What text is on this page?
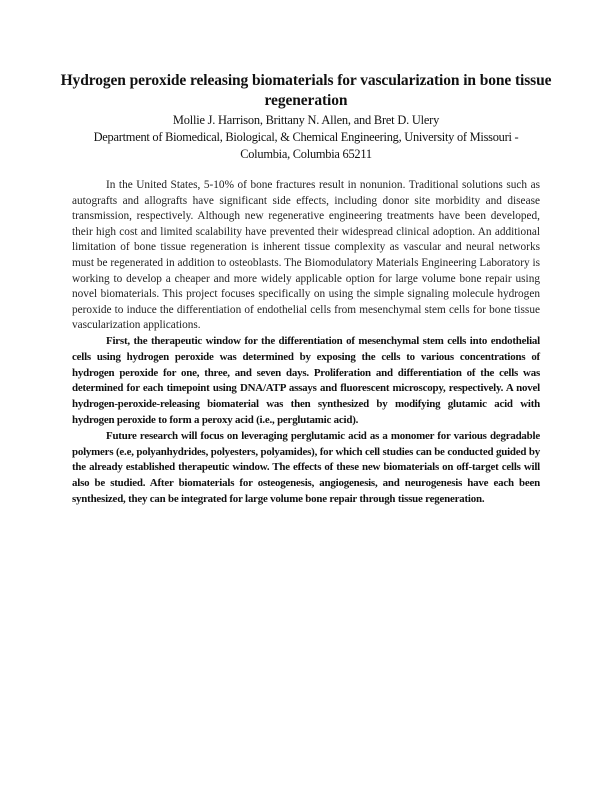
Hydrogen peroxide releasing biomaterials for vascularization in bone tissue regeneration

Mollie J. Harrison, Brittany N. Allen, and Bret D. Ulery

Department of Biomedical, Biological, & Chemical Engineering, University of Missouri - Columbia, Columbia 65211

In the United States, 5-10% of bone fractures result in nonunion. Traditional solutions such as autografts and allografts have significant side effects, including donor site morbidity and disease transmission, respectively. Although new regenerative engineering treatments have been developed, their high cost and limited scalability have prevented their widespread clinical adoption. An additional limitation of bone tissue regeneration is inherent tissue complexity as vascular and neural networks must be regenerated in addition to osteoblasts. The Biomodulatory Materials Engineering Laboratory is working to develop a cheaper and more widely applicable option for large volume bone repair using novel biomaterials. This project focuses specifically on using the simple signaling molecule hydrogen peroxide to induce the differentiation of endothelial cells from mesenchymal stem cells for bone tissue vascularization applications.

First, the therapeutic window for the differentiation of mesenchymal stem cells into endothelial cells using hydrogen peroxide was determined by exposing the cells to various concentrations of hydrogen peroxide for one, three, and seven days. Proliferation and differentiation of the cells was determined for each timepoint using DNA/ATP assays and fluorescent microscopy, respectively. A novel hydrogen-peroxide-releasing biomaterial was then synthesized by modifying glutamic acid with hydrogen peroxide to form a peroxy acid (i.e., perglutamic acid).

Future research will focus on leveraging perglutamic acid as a monomer for various degradable polymers (e.e, polyanhydrides, polyesters, polyamides), for which cell studies can be conducted guided by the already established therapeutic window. The effects of these new biomaterials on off-target cells will also be studied. After biomaterials for osteogenesis, angiogenesis, and neurogenesis have each been synthesized, they can be integrated for large volume bone repair through tissue regeneration.
